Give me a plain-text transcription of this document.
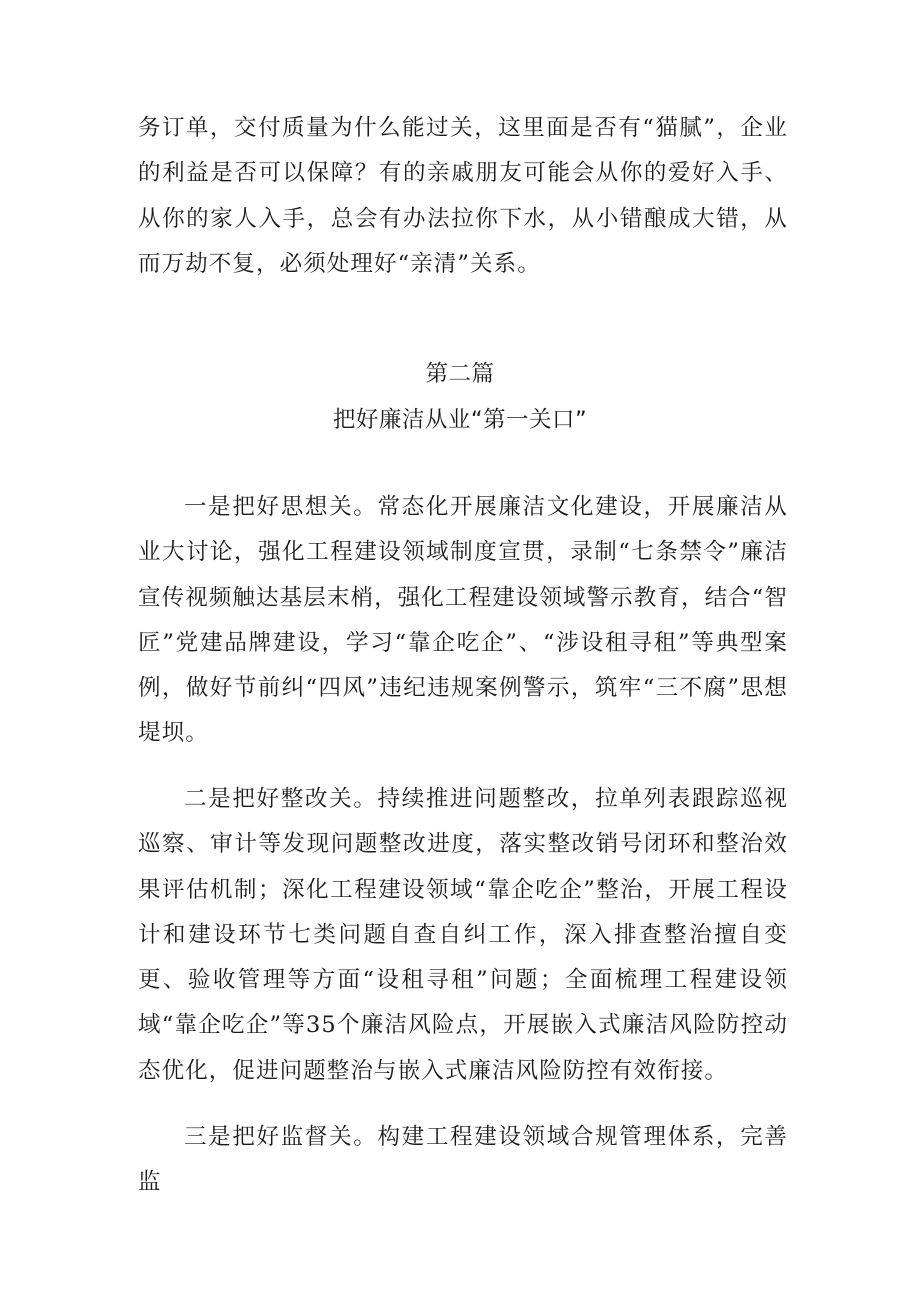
务订单，交付质量为什么能过关，这里面是否有“猫腻”，企业的利益是否可以保障？有的亲戚朋友可能会从你的爱好入手、从你的家人入手，总会有办法拉你下水，从小错酿成大错，从而万劫不复，必须处理好“亲清”关系。

第二篇
把好廉洁从业“第一关口”

一是把好思想关。常态化开展廉洁文化建设，开展廉洁从业大讨论，强化工程建设领域制度宣贯，录制“七条禁令”廉洁宣传视频触达基层末梢，强化工程建设领域警示教育，结合“智匠”党建品牌建设，学习“靠企吃企”、“涉设租寻租”等典型案例，做好节前纠“四风”违纪违规案例警示，筑牢“三不腐”思想堤坝。

二是把好整改关。持续推进问题整改，拉单列表跟踪巡视巡察、审计等发现问题整改进度，落实整改销号闭环和整治效果评估机制；深化工程建设领域“靠企吃企”整治，开展工程设计和建设环节七类问题自查自纠工作，深入排查整治擅自变更、验收管理等方面“设租寻租”问题；全面梳理工程建设领域“靠企吃企”等35个廉洁风险点，开展嵌入式廉洁风险防控动态优化，促进问题整治与嵌入式廉洁风险防控有效衔接。

三是把好监督关。构建工程建设领域合规管理体系，完善监
